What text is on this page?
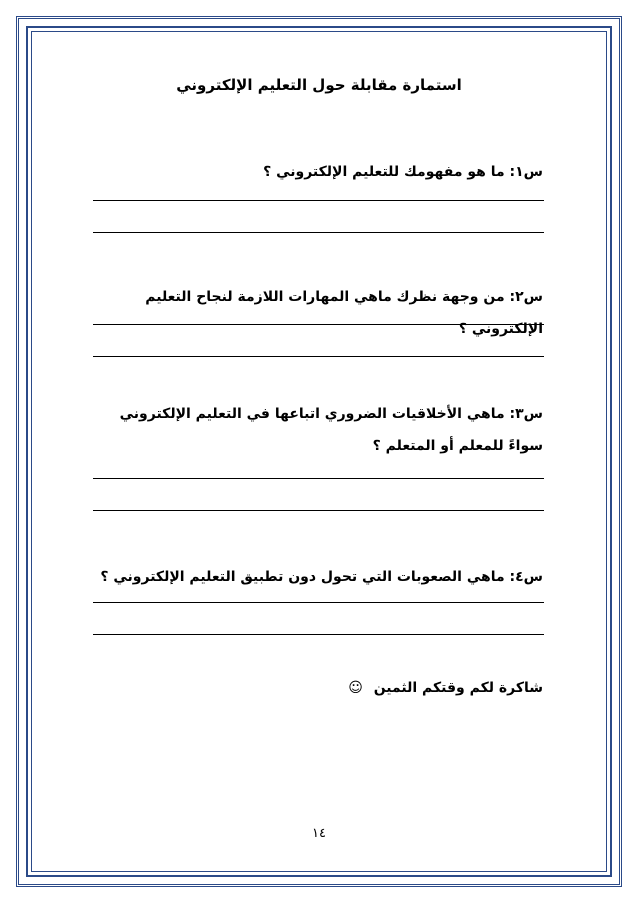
استمارة مقابلة حول التعليم الإلكتروني
س١: ما هو مفهومك للتعليم الإلكتروني ؟
س٢: من وجهة نظرك ماهي المهارات اللازمة لنجاح التعليم الإلكتروني ؟
س٣: ماهي الأخلاقيات الضروري اتباعها في التعليم الإلكتروني سواءً للمعلم أو المتعلم ؟
س٤: ماهي الصعوبات التي تحول دون تطبيق التعليم الإلكتروني ؟
شاكرة لكم وقتكم الثمين ☺
١٤
